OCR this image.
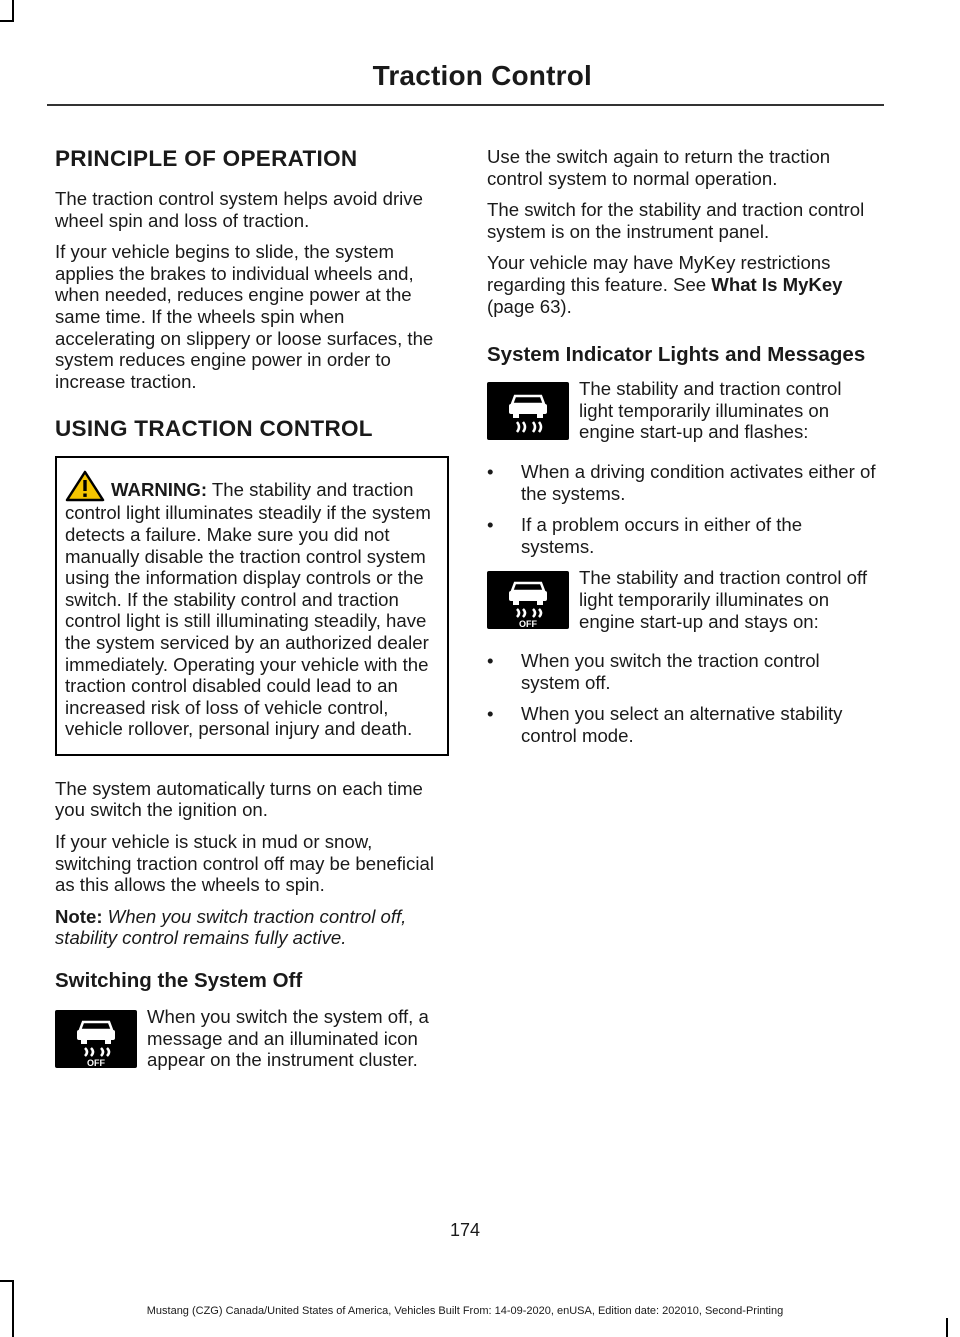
Traction Control
PRINCIPLE OF OPERATION

The traction control system helps avoid drive wheel spin and loss of traction.

If your vehicle begins to slide, the system applies the brakes to individual wheels and, when needed, reduces engine power at the same time. If the wheels spin when accelerating on slippery or loose surfaces, the system reduces engine power in order to increase traction.

USING TRACTION CONTROL

WARNING: The stability and traction control light illuminates steadily if the system detects a failure. Make sure you did not manually disable the traction control system using the information display controls or the switch. If the stability control and traction control light is still illuminating steadily, have the system serviced by an authorized dealer immediately. Operating your vehicle with the traction control disabled could lead to an increased risk of loss of vehicle control, vehicle rollover, personal injury and death.

The system automatically turns on each time you switch the ignition on.

If your vehicle is stuck in mud or snow, switching traction control off may be beneficial as this allows the wheels to spin.

Note: When you switch traction control off, stability control remains fully active.

Switching the System Off
OFF

When you switch the system off, a message and an illuminated icon appear on the instrument cluster.

Use the switch again to return the traction control system to normal operation.

The switch for the stability and traction control system is on the instrument panel.

Your vehicle may have MyKey restrictions regarding this feature. See What Is MyKey (page 63).

System Indicator Lights and Messages

The stability and traction control light temporarily illuminates on engine start-up and flashes:

• When a driving condition activates either of the systems.
• If a problem occurs in either of the systems.
OFF

The stability and traction control off light temporarily illuminates on engine start-up and stays on:

• When you switch the traction control system off.
• When you select an alternative stability control mode.
174
Mustang (CZG) Canada/United States of America, Vehicles Built From: 14-09-2020, enUSA, Edition date: 202010, Second-Printing
